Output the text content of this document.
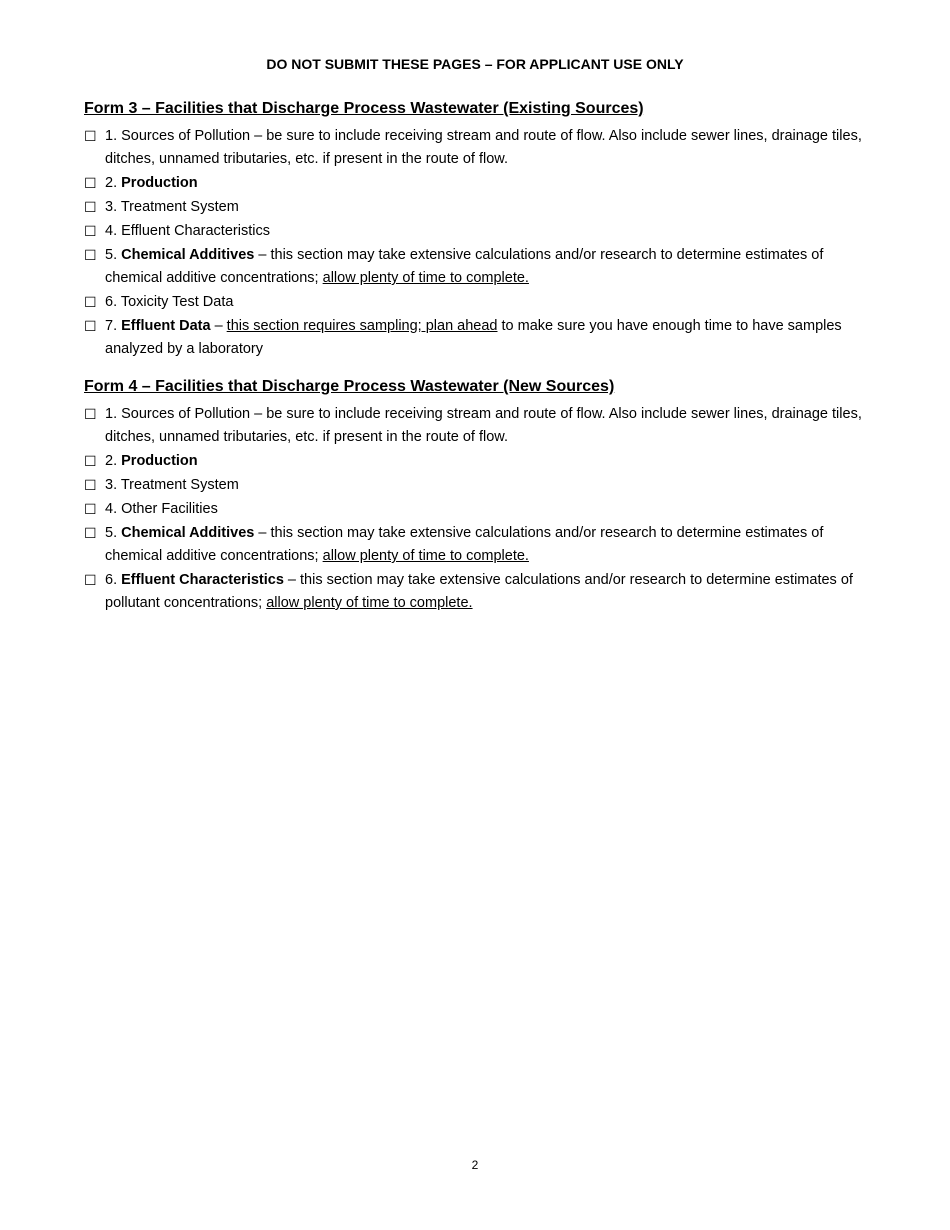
DO NOT SUBMIT THESE PAGES – FOR APPLICANT USE ONLY
Form 3 – Facilities that Discharge Process Wastewater (Existing Sources)
☐ 1. Sources of Pollution – be sure to include receiving stream and route of flow. Also include sewer lines, drainage tiles, ditches, unnamed tributaries, etc. if present in the route of flow.
☐ 2. Production
☐ 3. Treatment System
☐ 4. Effluent Characteristics
☐ 5. Chemical Additives – this section may take extensive calculations and/or research to determine estimates of chemical additive concentrations; allow plenty of time to complete.
☐ 6. Toxicity Test Data
☐ 7. Effluent Data – this section requires sampling; plan ahead to make sure you have enough time to have samples analyzed by a laboratory
Form 4 – Facilities that Discharge Process Wastewater (New Sources)
☐ 1. Sources of Pollution – be sure to include receiving stream and route of flow. Also include sewer lines, drainage tiles, ditches, unnamed tributaries, etc. if present in the route of flow.
☐ 2. Production
☐ 3. Treatment System
☐ 4. Other Facilities
☐ 5. Chemical Additives – this section may take extensive calculations and/or research to determine estimates of chemical additive concentrations; allow plenty of time to complete.
☐ 6. Effluent Characteristics – this section may take extensive calculations and/or research to determine estimates of pollutant concentrations; allow plenty of time to complete.
2
